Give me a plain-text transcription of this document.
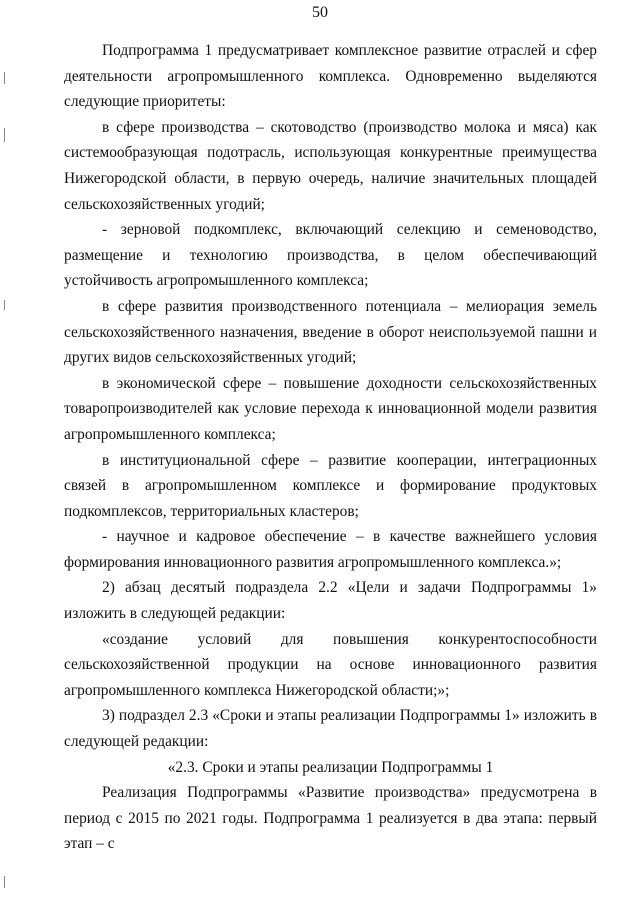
50

Подпрограмма 1 предусматривает комплексное развитие отраслей и сфер деятельности агропромышленного комплекса. Одновременно выделяются следующие приоритеты:

в сфере производства – скотоводство (производство молока и мяса) как системообразующая подотрасль, использующая конкурентные преимущества Нижегородской области, в первую очередь, наличие значительных площадей сельскохозяйственных угодий;

- зерновой подкомплекс, включающий селекцию и семеноводство, размещение и технологию производства, в целом обеспечивающий устойчивость агропромышленного комплекса;

в сфере развития производственного потенциала – мелиорация земель сельскохозяйственного назначения, введение в оборот неиспользуемой пашни и других видов сельскохозяйственных угодий;

в экономической сфере – повышение доходности сельскохозяйственных товаропроизводителей как условие перехода к инновационной модели развития агропромышленного комплекса;

в институциональной сфере – развитие кооперации, интеграционных связей в агропромышленном комплексе и формирование продуктовых подкомплексов, территориальных кластеров;

- научное и кадровое обеспечение – в качестве важнейшего условия формирования инновационного развития агропромышленного комплекса.»;

2) абзац десятый подраздела 2.2 «Цели и задачи Подпрограммы 1» изложить в следующей редакции:

«создание условий для повышения конкурентоспособности сельскохозяйственной продукции на основе инновационного развития агропромышленного комплекса Нижегородской области;»;

3) подраздел 2.3 «Сроки и этапы реализации Подпрограммы 1» изложить в следующей редакции:

«2.3. Сроки и этапы реализации Подпрограммы 1

Реализация Подпрограммы «Развитие производства» предусмотрена в период с 2015 по 2021 годы. Подпрограмма 1 реализуется в два этапа: первый этап – с
